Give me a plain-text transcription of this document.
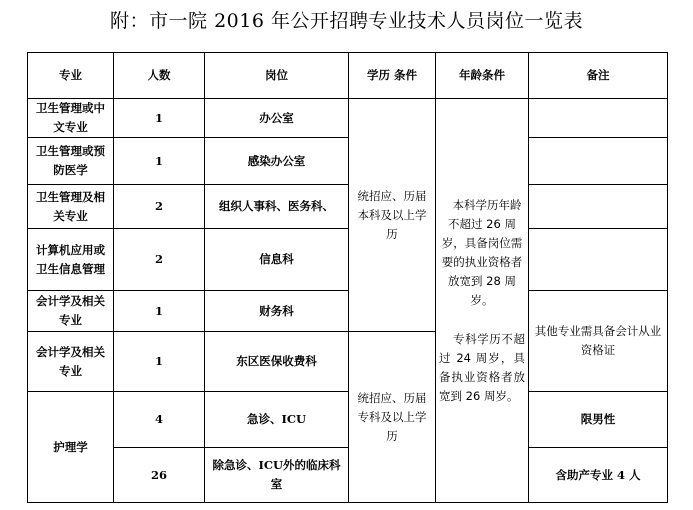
附：市一院 2016 年公开招聘专业技术人员岗位一览表
专业	人数	岗位	学历 条件	年龄条件	备注
卫生管理或中文专业	1	办公室	统招应、历届本科及以上学历	本科学历年龄不超过 26 周岁，具备岗位需要的执业资格者放宽到 28 周岁。
专科学历不超过 24 周岁，具备执业资格者放宽到 26 周岁。	

卫生管理或预防医学	1	感染办公室			
卫生管理及相关专业	2	组织人事科、医务科、			
计算机应用或卫生信息管理	2	信息科			
会计学及相关专业	1	财务科			其他专业需具备会计从业资格证
会计学及相关专业	1	东区医保收费科	统招应、历届专科及以上学历		
护理学	4	急诊、ICU			限男性
	26	除急诊、ICU外的临床科室			含助产专业 4 人
